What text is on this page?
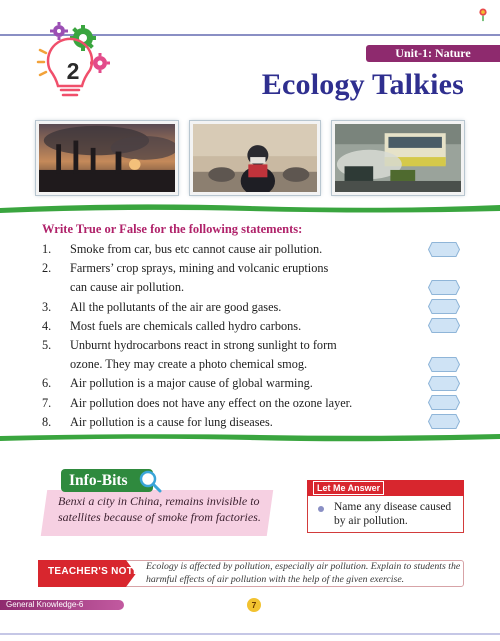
2
Unit-1: Nature
Ecology Talkies
Write True or False for the following statements:
1.	Smoke from car, bus etc cannot cause air pollution.
2.	Farmers’ crop sprays, mining and volcanic eruptions
can cause air pollution.
3.	All the pollutants of the air are good gases.
4.	Most fuels are chemicals called hydro carbons.
5.	Unburnt hydrocarbons react in strong sunlight to form
ozone. They may create a photo chemical smog.
6.	Air pollution is a major cause of global warming.
7.	Air pollution does not have any effect on the ozone layer.
8.	Air pollution is a cause for lung diseases.
Info-Bits
Benxi a city in China, remains invisible to satellites because of smoke from factories.
Let Me Answer
Name any disease caused by air pollution.
TEACHER'S NOTE Ecology is affected by pollution, especially air pollution. Explain to students the harmful effects of air pollution with the help of the given exercise.
General Knowledge-6	7
